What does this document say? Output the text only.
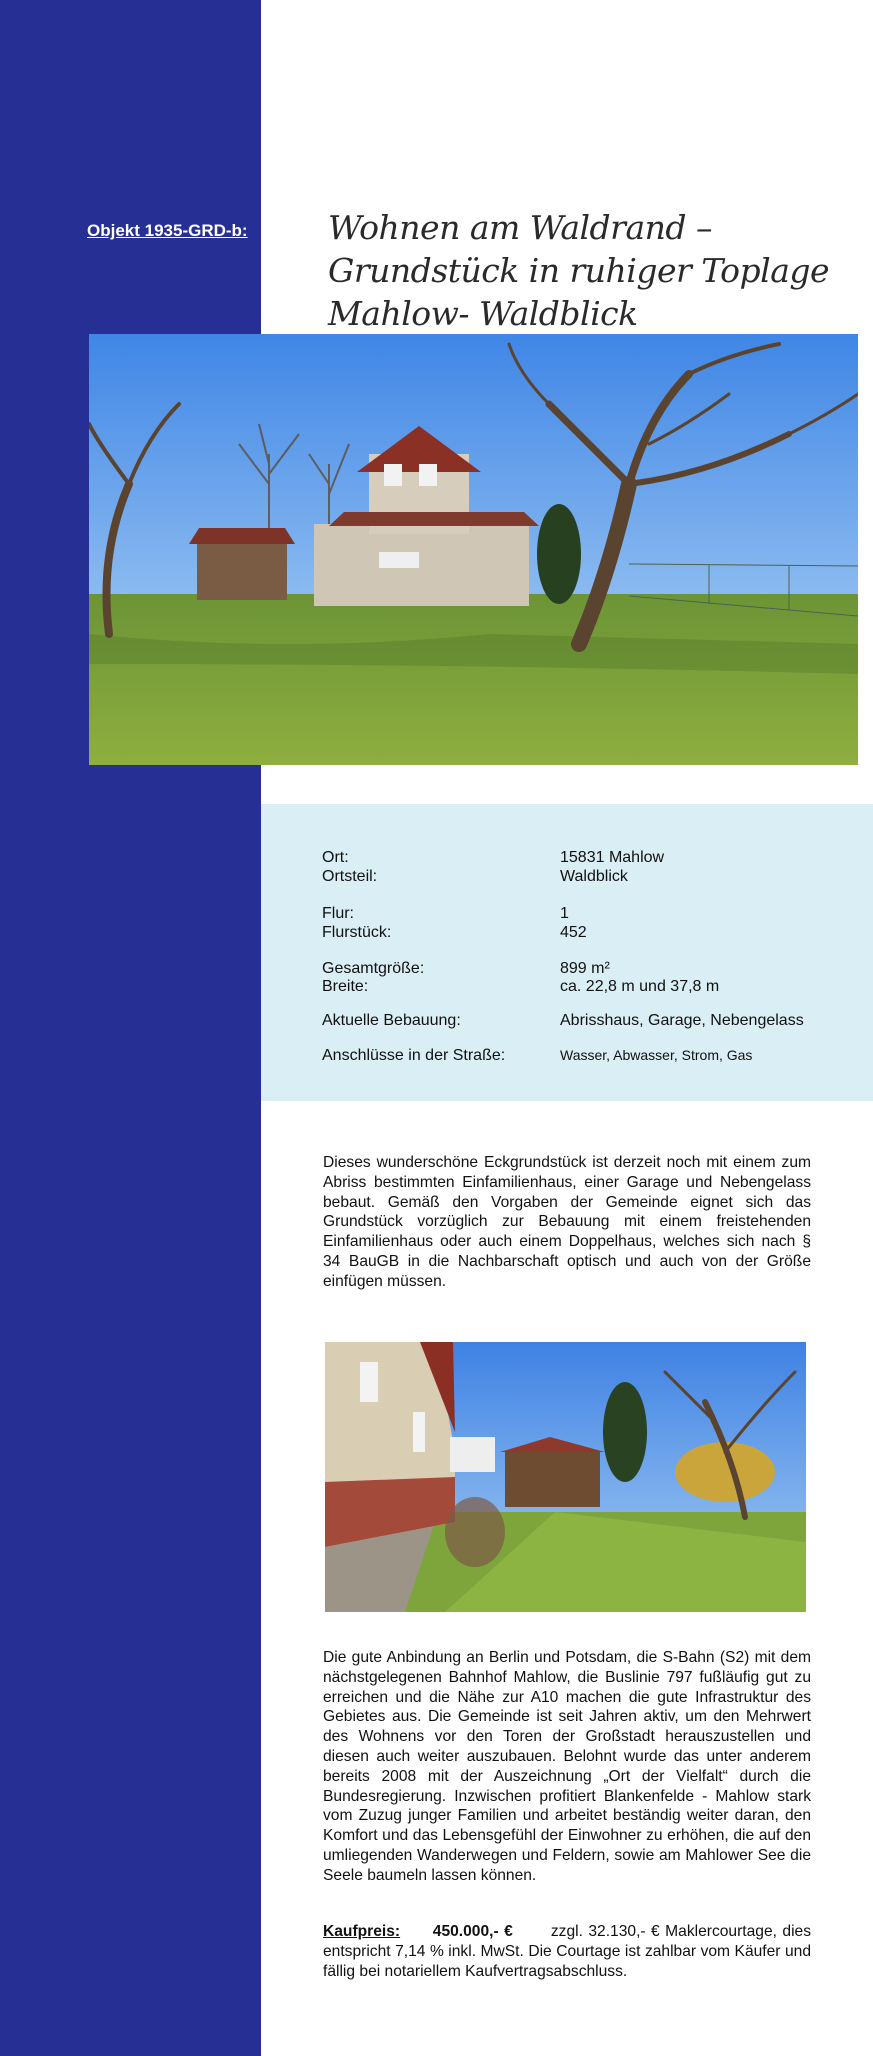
Objekt 1935-GRD-b: Wohnen am Waldrand – Grundstück in ruhiger Toplage Mahlow- Waldblick
Ort:	15831 Mahlow
Ortsteil:	Waldblick
Flur:	1
Flurstück:	452
Gesamtgröße:	899 m²
Breite:	ca. 22,8 m und 37,8 m
Aktuelle Bebauung:	Abrisshaus, Garage, Nebengelass
Anschlüsse in der Straße:	Wasser, Abwasser, Strom, Gas
Dieses wunderschöne Eckgrundstück ist derzeit noch mit einem zum Abriss bestimmten Einfamilienhaus, einer Garage und Nebengelass bebaut. Gemäß den Vorgaben der Gemeinde eignet sich das Grundstück vorzüglich zur Bebauung mit einem freistehenden Einfamilienhaus oder auch einem Doppelhaus, welches sich nach § 34 BauGB in die Nachbarschaft optisch und auch von der Größe einfügen müssen.
Die gute Anbindung an Berlin und Potsdam, die S-Bahn (S2) mit dem nächstgelegenen Bahnhof Mahlow, die Buslinie 797 fußläufig gut zu erreichen und die Nähe zur A10 machen die gute Infrastruktur des Gebietes aus. Die Gemeinde ist seit Jahren aktiv, um den Mehrwert des Wohnens vor den Toren der Großstadt herauszustellen und diesen auch weiter auszubauen. Belohnt wurde das unter anderem bereits 2008 mit der Auszeichnung „Ort der Vielfalt“ durch die Bundesregierung. Inzwischen profitiert Blankenfelde - Mahlow stark vom Zuzug junger Familien und arbeitet beständig weiter daran, den Komfort und das Lebensgefühl der Einwohner zu erhöhen, die auf den umliegenden Wanderwegen und Feldern, sowie am Mahlower See die Seele baumeln lassen können.
Kaufpreis: 450.000,- € zzgl. 32.130,- € Maklercourtage, dies entspricht 7,14 % inkl. MwSt. Die Courtage ist zahlbar vom Käufer und fällig bei notariellem Kaufvertragsabschluss.
